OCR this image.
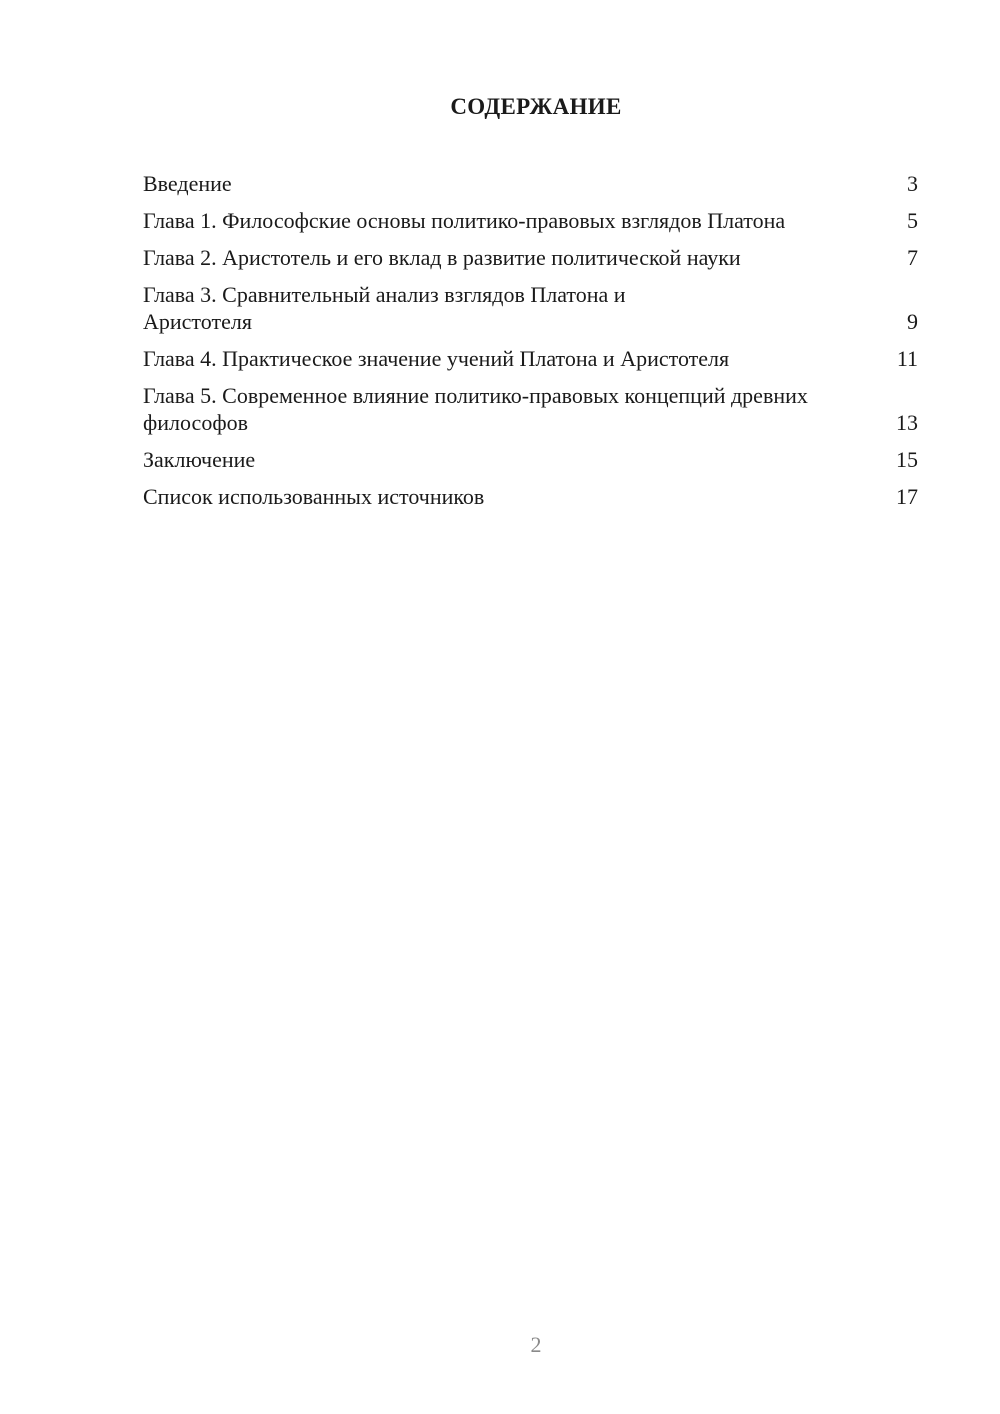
СОДЕРЖАНИЕ
Введение	3
Глава 1. Философские основы политико-правовых взглядов Платона	5
Глава 2. Аристотель и его вклад в развитие политической науки	7
Глава 3. Сравнительный анализ взглядов Платона и Аристотеля	9
Глава 4. Практическое значение учений Платона и Аристотеля	11
Глава 5. Современное влияние политико-правовых концепций древних философов	13
Заключение	15
Список использованных источников	17
2
